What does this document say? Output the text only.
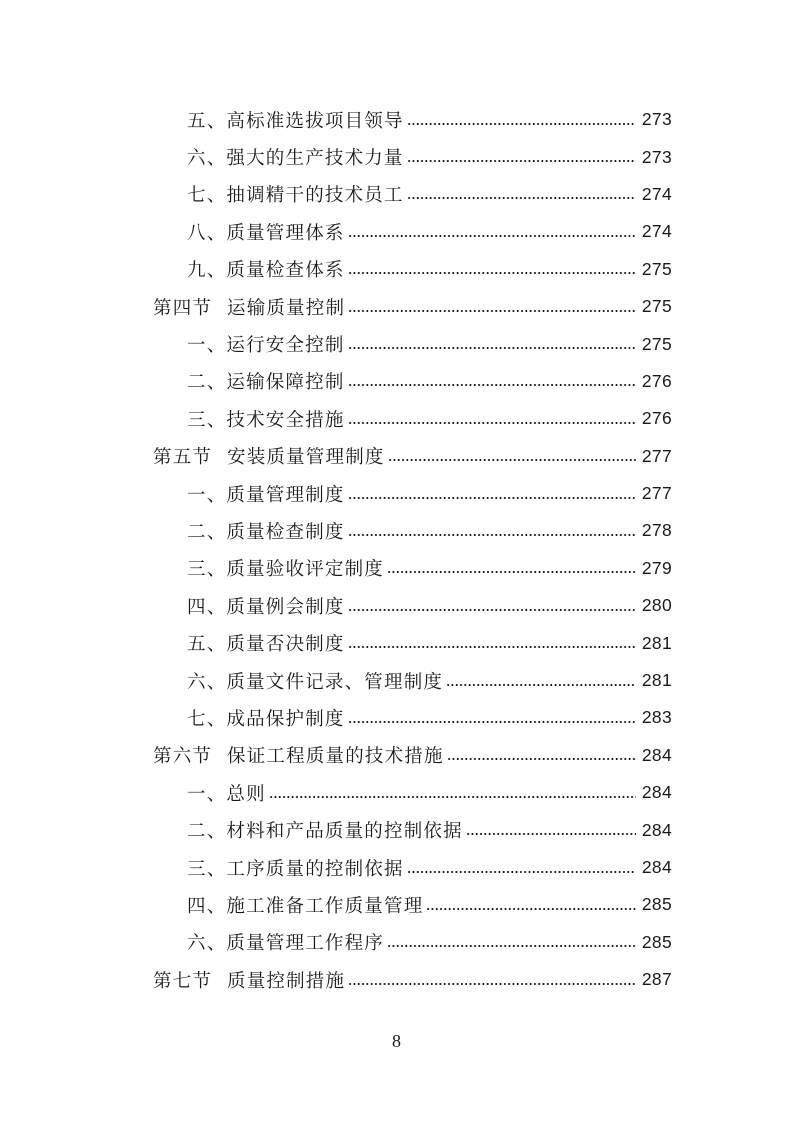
五、 高标准选拔项目领导	273
六、 强大的生产技术力量	273
七、 抽调精干的技术员工	274
八、 质量管理体系	274
九、 质量检查体系	275
第四节 运输质量控制	275
一、 运行安全控制	275
二、 运输保障控制	276
三、 技术安全措施	276
第五节 安装质量管理制度	277
一、 质量管理制度	277
二、 质量检查制度	278
三、 质量验收评定制度	279
四、 质量例会制度	280
五、 质量否决制度	281
六、 质量文件记录、管理制度	281
七、 成品保护制度	283
第六节 保证工程质量的技术措施	284
一、 总则	284
二、 材料和产品质量的控制依据	284
三、 工序质量的控制依据	284
四、 施工准备工作质量管理	285
六、 质量管理工作程序	285
第七节 质量控制措施	287
8
